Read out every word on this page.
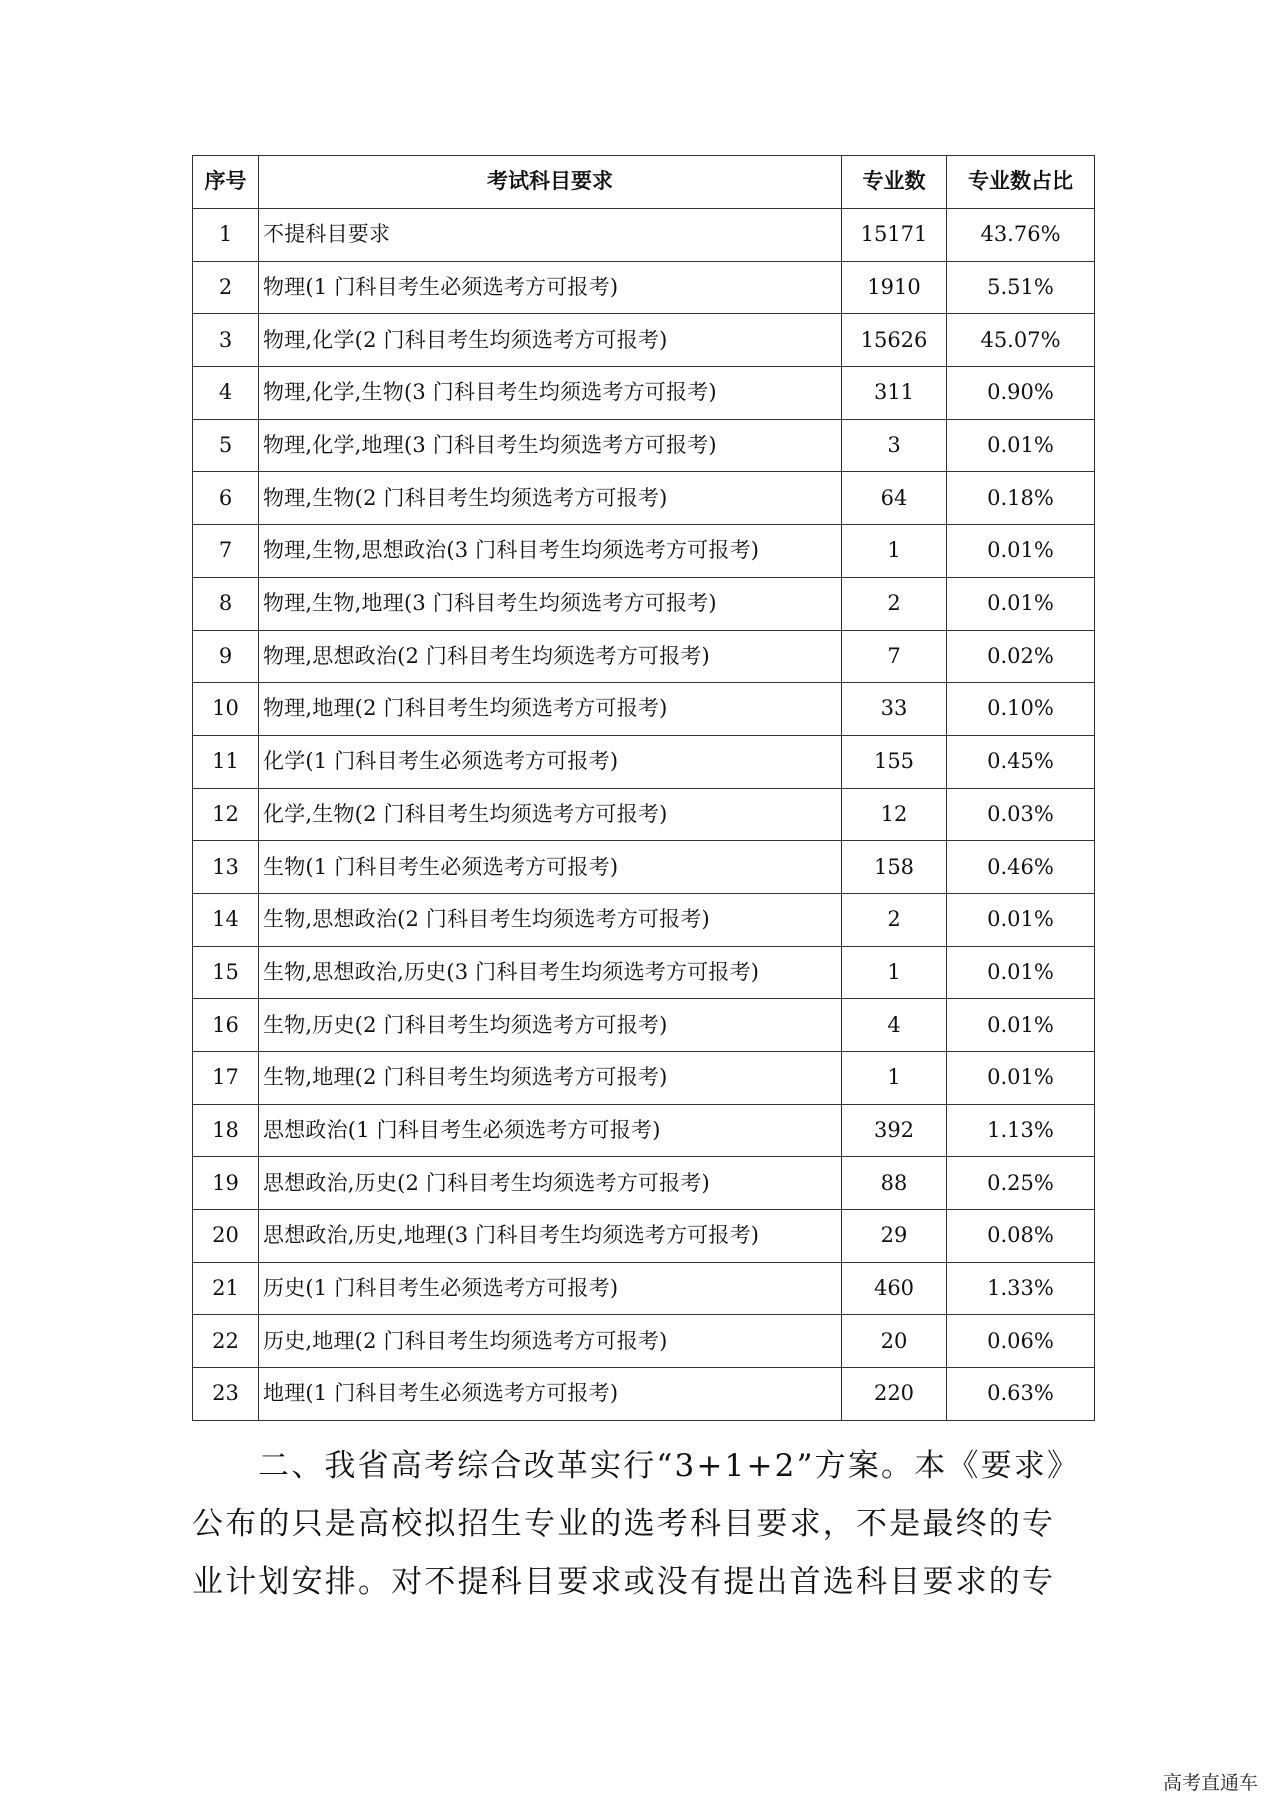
序号	考试科目要求	专业数	专业数占比
1	不提科目要求	15171	43.76%
2	物理(1 门科目考生必须选考方可报考)	1910	5.51%
3	物理,化学(2 门科目考生均须选考方可报考)	15626	45.07%
4	物理,化学,生物(3 门科目考生均须选考方可报考)	311	0.90%
5	物理,化学,地理(3 门科目考生均须选考方可报考)	3	0.01%
6	物理,生物(2 门科目考生均须选考方可报考)	64	0.18%
7	物理,生物,思想政治(3 门科目考生均须选考方可报考)	1	0.01%
8	物理,生物,地理(3 门科目考生均须选考方可报考)	2	0.01%
9	物理,思想政治(2 门科目考生均须选考方可报考)	7	0.02%
10	物理,地理(2 门科目考生均须选考方可报考)	33	0.10%
11	化学(1 门科目考生必须选考方可报考)	155	0.45%
12	化学,生物(2 门科目考生均须选考方可报考)	12	0.03%
13	生物(1 门科目考生必须选考方可报考)	158	0.46%
14	生物,思想政治(2 门科目考生均须选考方可报考)	2	0.01%
15	生物,思想政治,历史(3 门科目考生均须选考方可报考)	1	0.01%
16	生物,历史(2 门科目考生均须选考方可报考)	4	0.01%
17	生物,地理(2 门科目考生均须选考方可报考)	1	0.01%
18	思想政治(1 门科目考生必须选考方可报考)	392	1.13%
19	思想政治,历史(2 门科目考生均须选考方可报考)	88	0.25%
20	思想政治,历史,地理(3 门科目考生均须选考方可报考)	29	0.08%
21	历史(1 门科目考生必须选考方可报考)	460	1.33%
22	历史,地理(2 门科目考生均须选考方可报考)	20	0.06%
23	地理(1 门科目考生必须选考方可报考)	220	0.63%
二、我省高考综合改革实行“3+1+2”方案。本《要求》
公布的只是高校拟招生专业的选考科目要求，不是最终的专
业计划安排。对不提科目要求或没有提出首选科目要求的专
高考直通车
